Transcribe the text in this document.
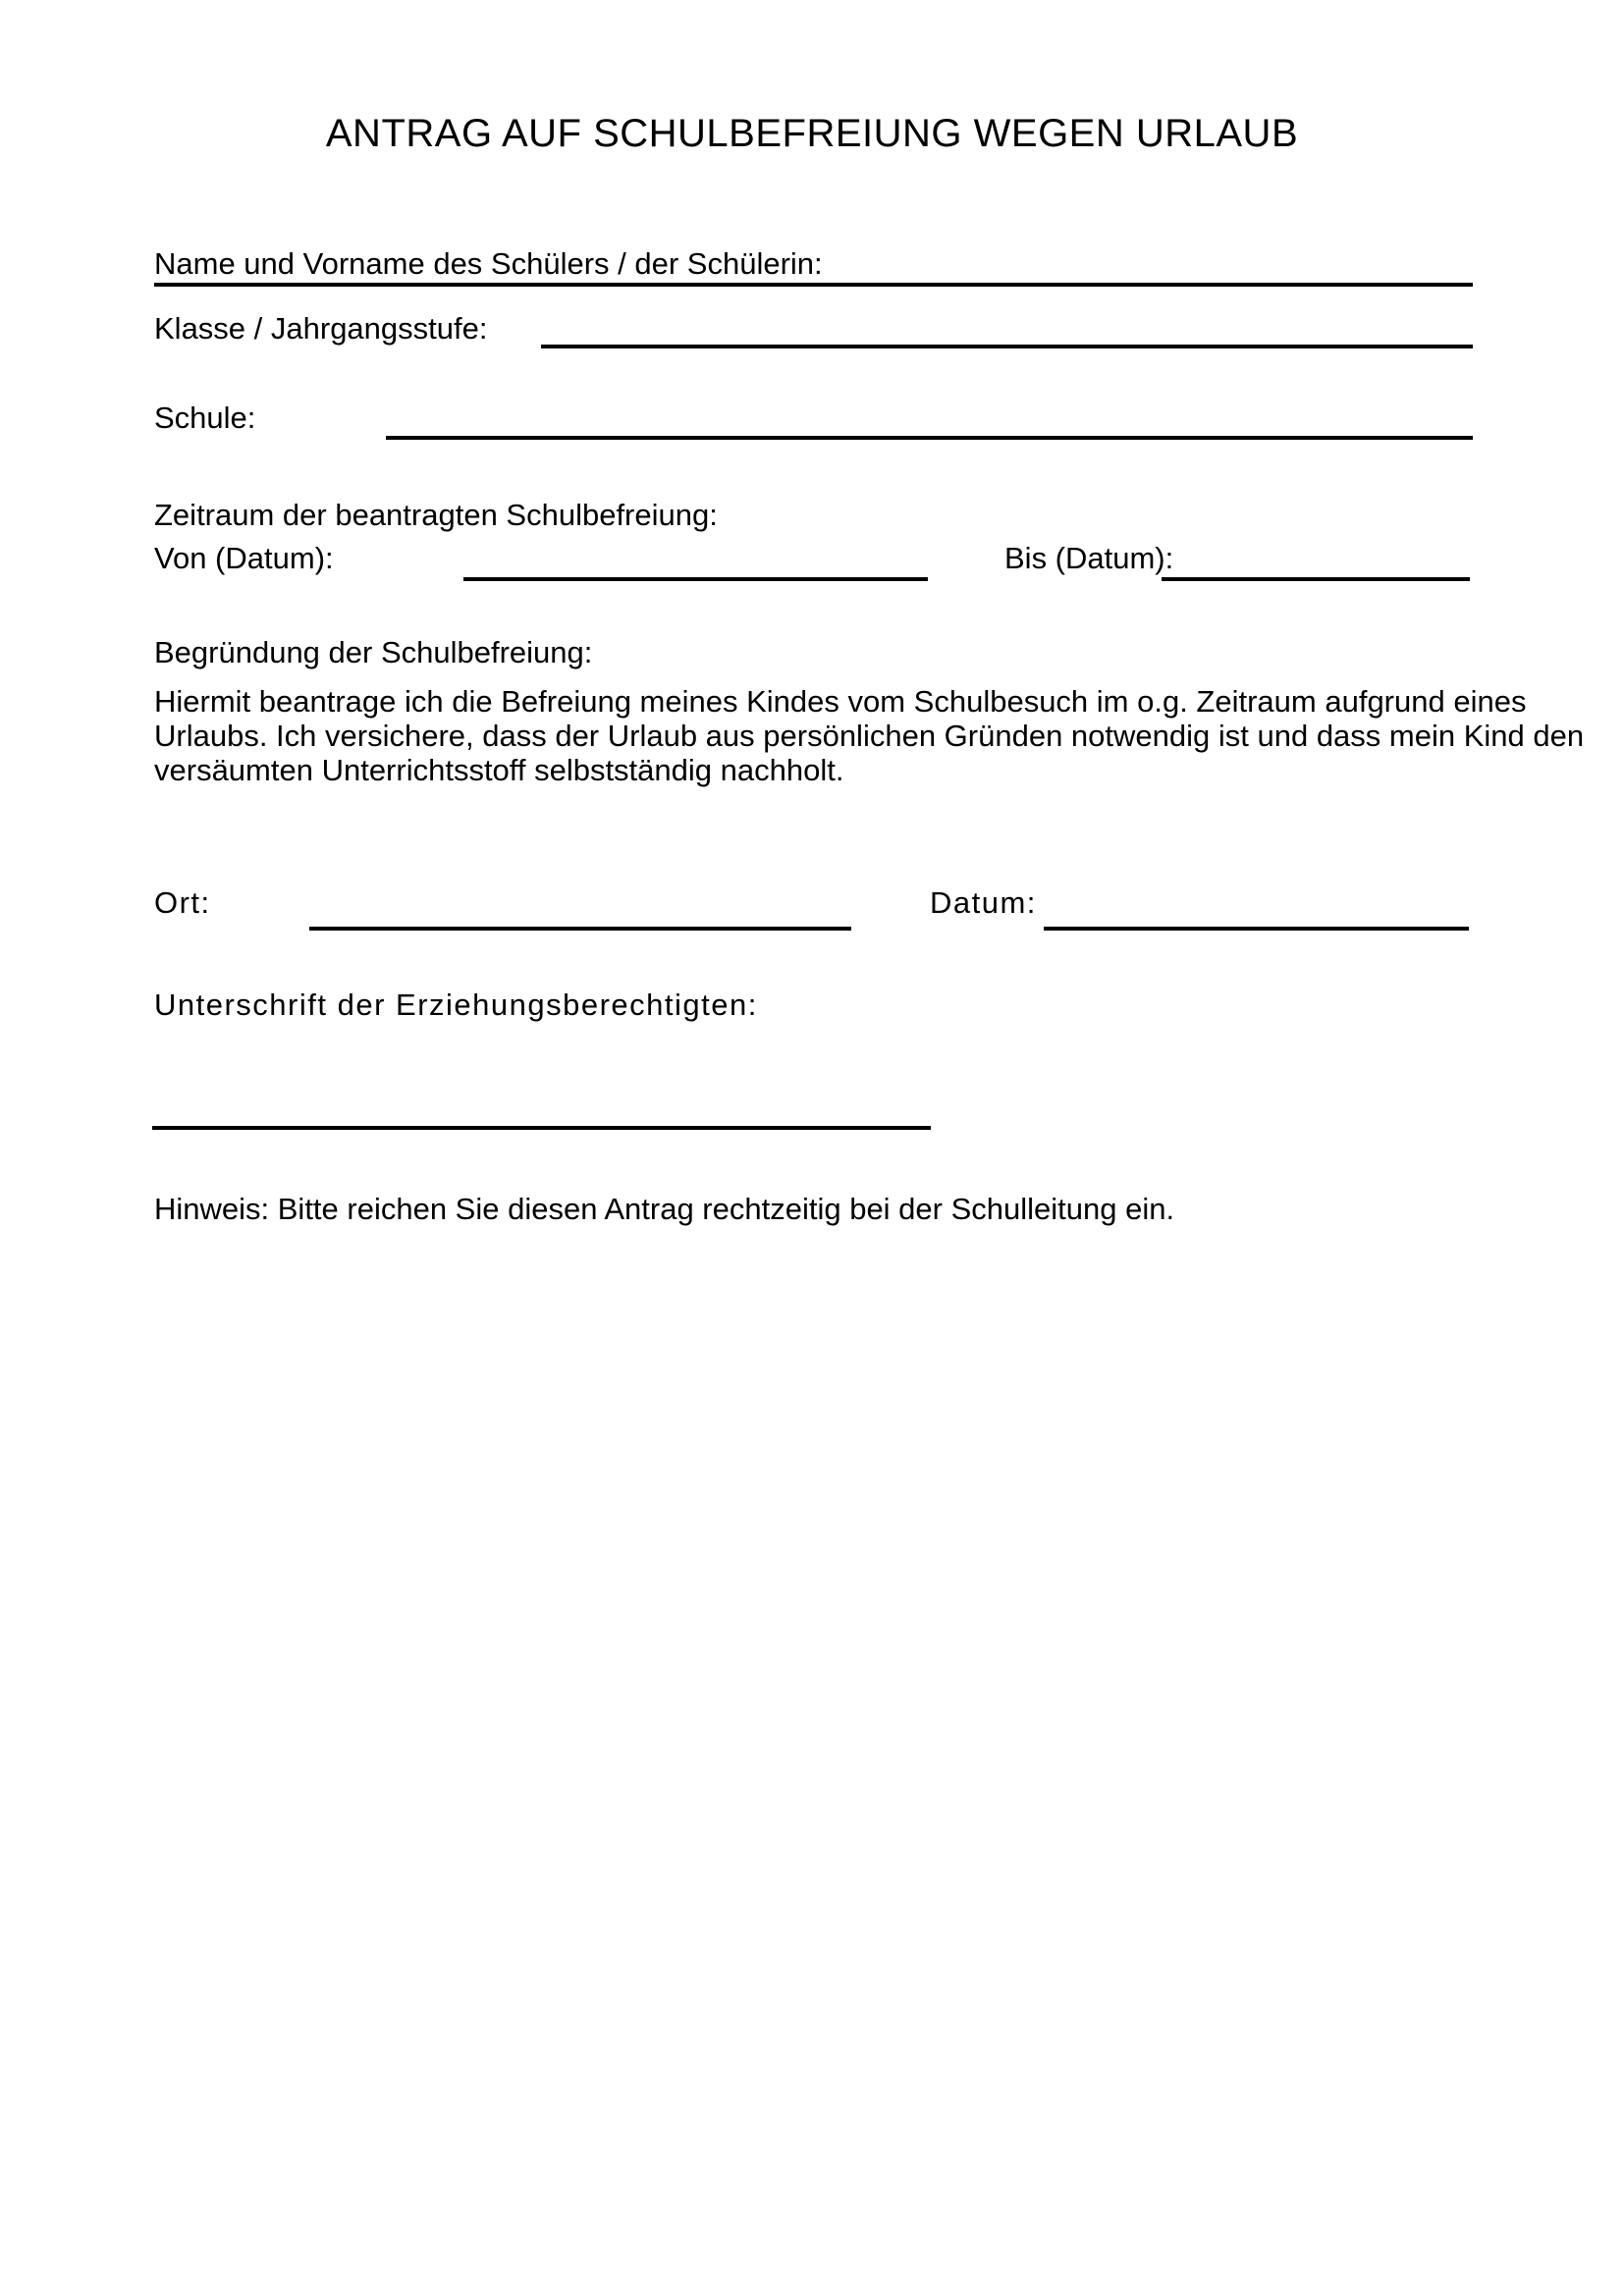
ANTRAG AUF SCHULBEFREIUNG WEGEN URLAUB
Name und Vorname des Schülers / der Schülerin:
Klasse / Jahrgangsstufe:
Schule:
Zeitraum der beantragten Schulbefreiung:
Von (Datum):	Bis (Datum):
Begründung der Schulbefreiung:
Hiermit beantrage ich die Befreiung meines Kindes vom Schulbesuch im o.g. Zeitraum aufgrund eines
Urlaubs. Ich versichere, dass der Urlaub aus persönlichen Gründen notwendig ist und dass mein Kind den
versäumten Unterrichtsstoff selbstständig nachholt.
Ort:	Datum:
Unterschrift der Erziehungsberechtigten:
Hinweis: Bitte reichen Sie diesen Antrag rechtzeitig bei der Schulleitung ein.
